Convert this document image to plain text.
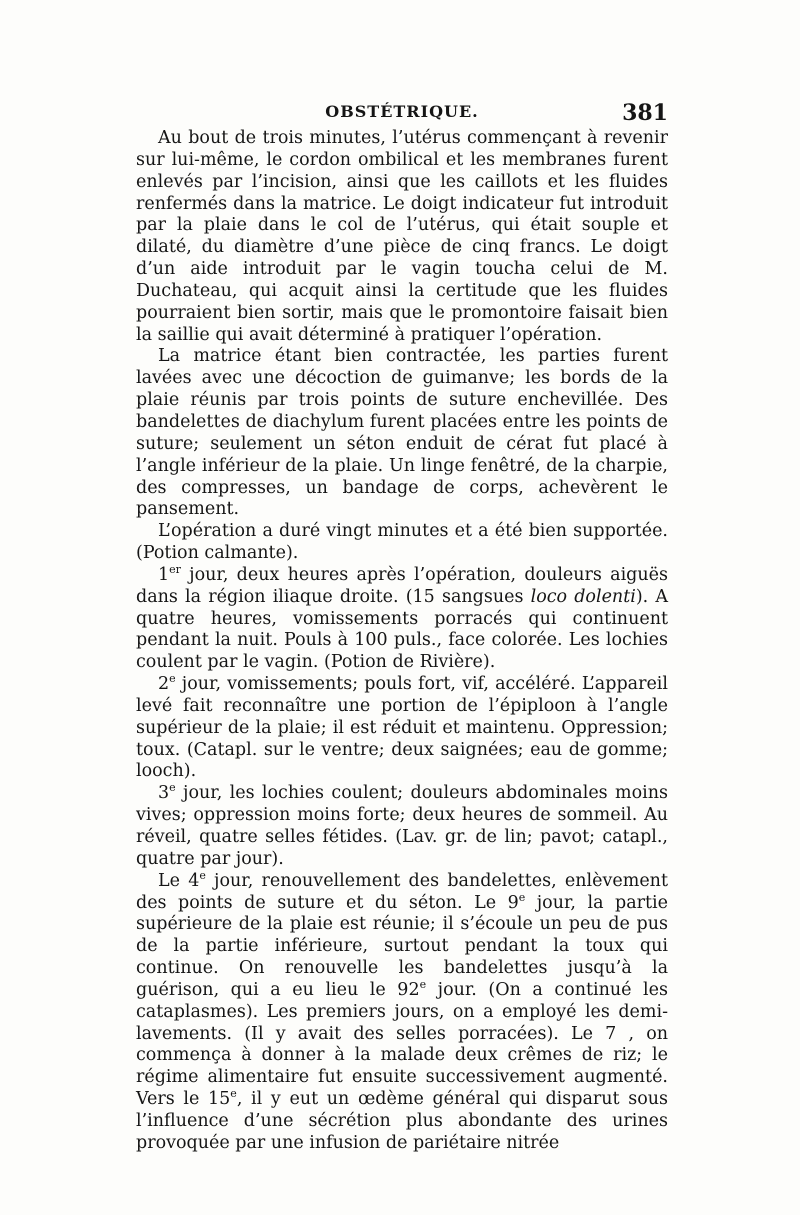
OBSTÉTRIQUE.	381

Au bout de trois minutes, l’utérus commençant à revenir sur lui-même, le cordon ombilical et les membranes furent enlevés par l’incision, ainsi que les caillots et les fluides renfermés dans la matrice. Le doigt indicateur fut introduit par la plaie dans le col de l’utérus, qui était souple et dilaté, du diamètre d’une pièce de cinq francs. Le doigt d’un aide introduit par le vagin toucha celui de M. Duchateau, qui acquit ainsi la certitude que les fluides pourraient bien sortir, mais que le promontoire faisait bien la saillie qui avait déterminé à pratiquer l’opération.

La matrice étant bien contractée, les parties furent lavées avec une décoction de guimanve; les bords de la plaie réunis par trois points de suture enchevillée. Des bandelettes de diachylum furent placées entre les points de suture; seulement un séton enduit de cérat fut placé à l’angle inférieur de la plaie. Un linge fenêtré, de la charpie, des compresses, un bandage de corps, achevèrent le pansement.

L’opération a duré vingt minutes et a été bien supportée. (Potion calmante).

1er jour, deux heures après l’opération, douleurs aiguës dans la région iliaque droite. (15 sangsues loco dolenti). A quatre heures, vomissements porracés qui continuent pendant la nuit. Pouls à 100 puls., face colorée. Les lochies coulent par le vagin. (Potion de Rivière).

2e jour, vomissements; pouls fort, vif, accéléré. L’appareil levé fait reconnaître une portion de l’épiploon à l’angle supérieur de la plaie; il est réduit et maintenu. Oppression; toux. (Catapl. sur le ventre; deux saignées; eau de gomme; looch).

3e jour, les lochies coulent; douleurs abdominales moins vives; oppression moins forte; deux heures de sommeil. Au réveil, quatre selles fétides. (Lav. gr. de lin; pavot; catapl., quatre par jour).

Le 4e jour, renouvellement des bandelettes, enlèvement des points de suture et du séton. Le 9e jour, la partie supérieure de la plaie est réunie; il s’écoule un peu de pus de la partie inférieure, surtout pendant la toux qui continue. On renouvelle les bandelettes jusqu’à la guérison, qui a eu lieu le 92e jour. (On a continué les cataplasmes). Les premiers jours, on a employé les demi-lavements. (Il y avait des selles porracées). Le 7 , on commença à donner à la malade deux crêmes de riz; le régime alimentaire fut ensuite successivement augmenté. Vers le 15e, il y eut un œdème général qui disparut sous l’influence d’une sécrétion plus abondante des urines provoquée par une infusion de pariétaire nitrée
